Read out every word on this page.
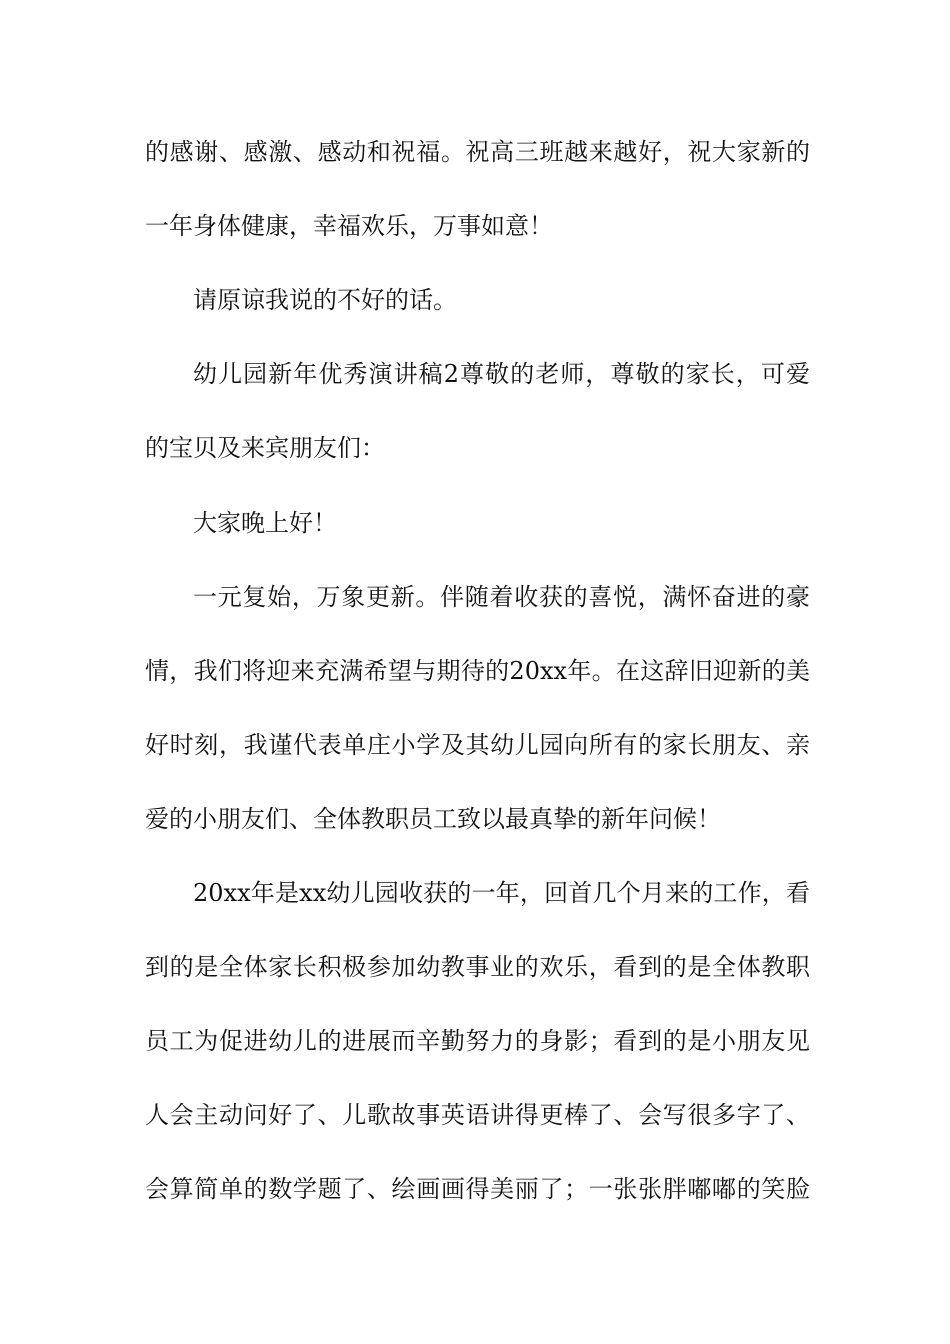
的感谢、感激、感动和祝福。祝高三班越来越好，祝大家新的
一年身体健康，幸福欢乐，万事如意！
请原谅我说的不好的话。
幼儿园新年优秀演讲稿2尊敬的老师，尊敬的家长，可爱
的宝贝及来宾朋友们：
大家晚上好！
一元复始，万象更新。伴随着收获的喜悦，满怀奋进的豪
情，我们将迎来充满希望与期待的20xx年。在这辞旧迎新的美
好时刻，我谨代表单庄小学及其幼儿园向所有的家长朋友、亲
爱的小朋友们、全体教职员工致以最真挚的新年问候！
20xx年是xx幼儿园收获的一年，回首几个月来的工作，看
到的是全体家长积极参加幼教事业的欢乐，看到的是全体教职
员工为促进幼儿的进展而辛勤努力的身影；看到的是小朋友见
人会主动问好了、儿歌故事英语讲得更棒了、会写很多字了、
会算简单的数学题了、绘画画得美丽了；一张张胖嘟嘟的笑脸
